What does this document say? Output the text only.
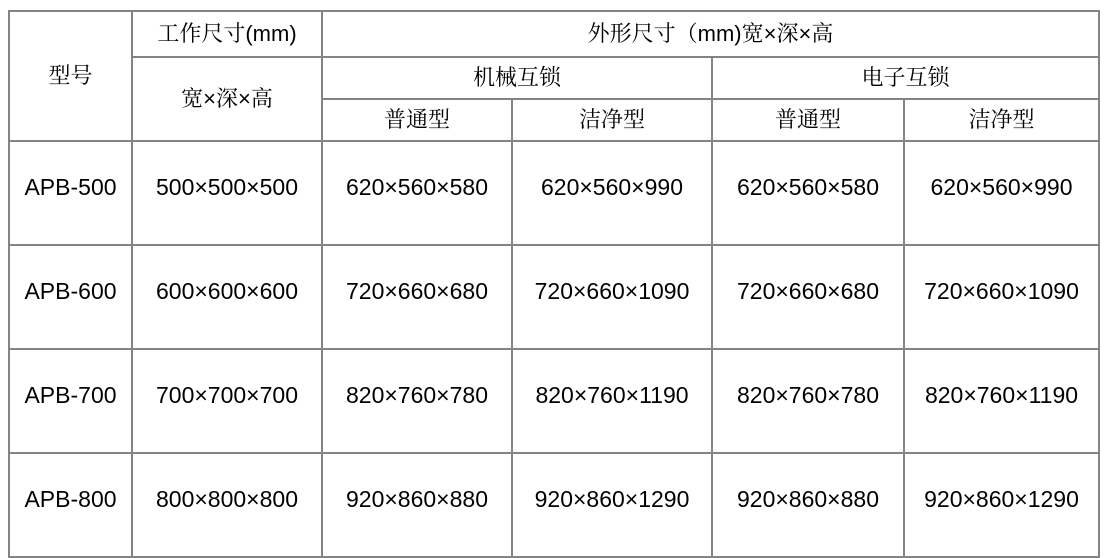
型号	工作尺寸(mm)	外形尺寸（mm)宽×深×高			
	宽×深×高	机械互锁		电子互锁	
		普通型	洁净型	普通型	洁净型
APB-500	500×500×500	620×560×580	620×560×990	620×560×580	620×560×990
APB-600	600×600×600	720×660×680	720×660×1090	720×660×680	720×660×1090
APB-700	700×700×700	820×760×780	820×760×1190	820×760×780	820×760×1190
APB-800	800×800×800	920×860×880	920×860×1290	920×860×880	920×860×1290
